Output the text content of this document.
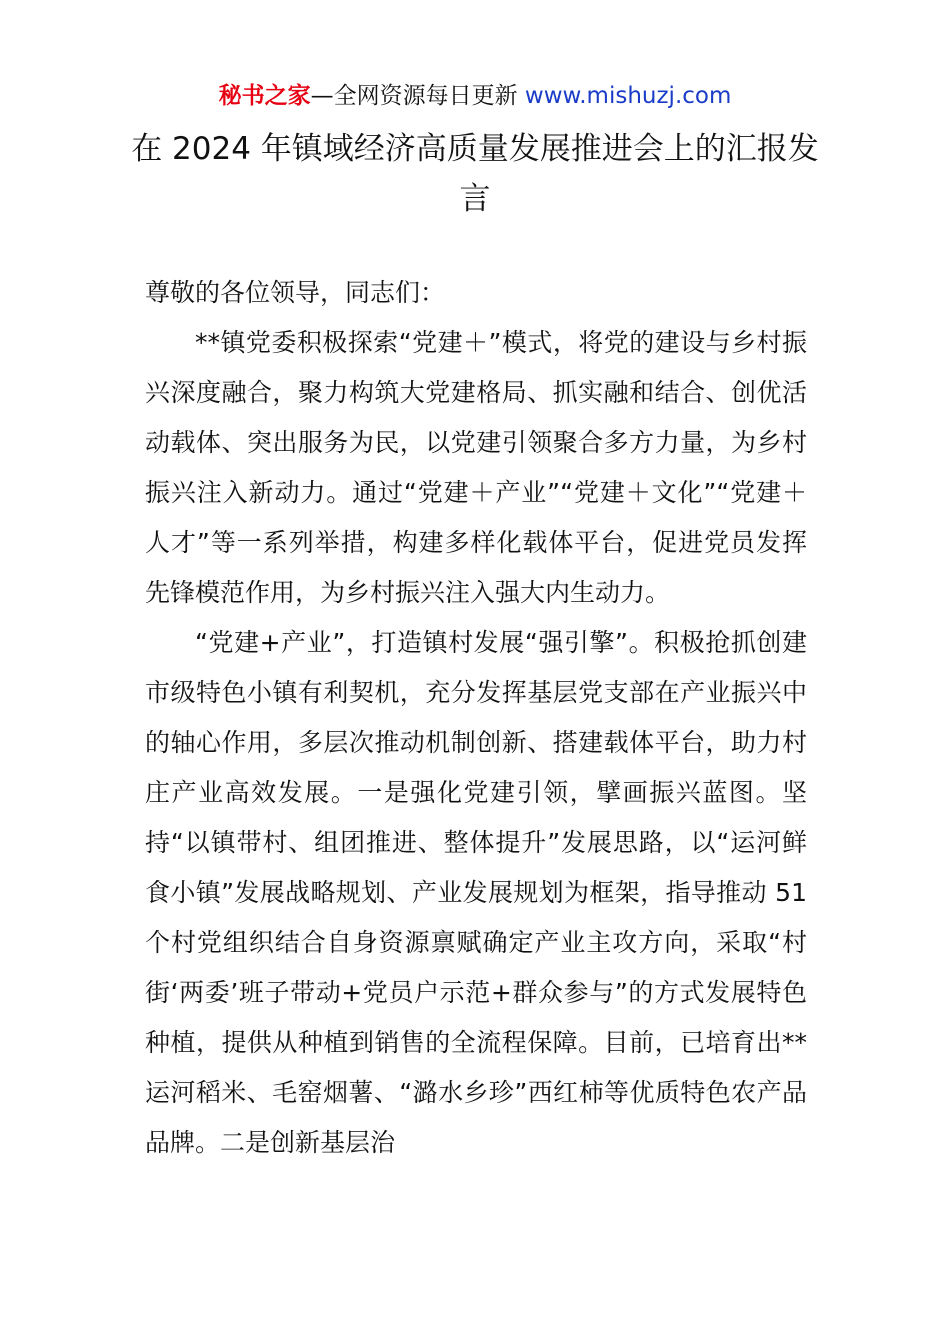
秘书之家—全网资源每日更新 www.mishuzj.com
在 2024 年镇域经济高质量发展推进会上的汇报发言

尊敬的各位领导，同志们：

**镇党委积极探索“党建＋”模式，将党的建设与乡村振兴深度融合，聚力构筑大党建格局、抓实融和结合、创优活动载体、突出服务为民，以党建引领聚合多方力量，为乡村振兴注入新动力。通过“党建＋产业”“党建＋文化”“党建＋人才”等一系列举措，构建多样化载体平台，促进党员发挥先锋模范作用，为乡村振兴注入强大内生动力。

“党建+产业”，打造镇村发展“强引擎”。积极抢抓创建市级特色小镇有利契机，充分发挥基层党支部在产业振兴中的轴心作用，多层次推动机制创新、搭建载体平台，助力村庄产业高效发展。一是强化党建引领，擘画振兴蓝图。坚持“以镇带村、组团推进、整体提升”发展思路，以“运河鲜食小镇”发展战略规划、产业发展规划为框架，指导推动 51 个村党组织结合自身资源禀赋确定产业主攻方向，采取“村街‘两委’班子带动+党员户示范+群众参与”的方式发展特色种植，提供从种植到销售的全流程保障。目前，已培育出**运河稻米、毛窑烟薯、“潞水乡珍”西红柿等优质特色农产品品牌。二是创新基层治
